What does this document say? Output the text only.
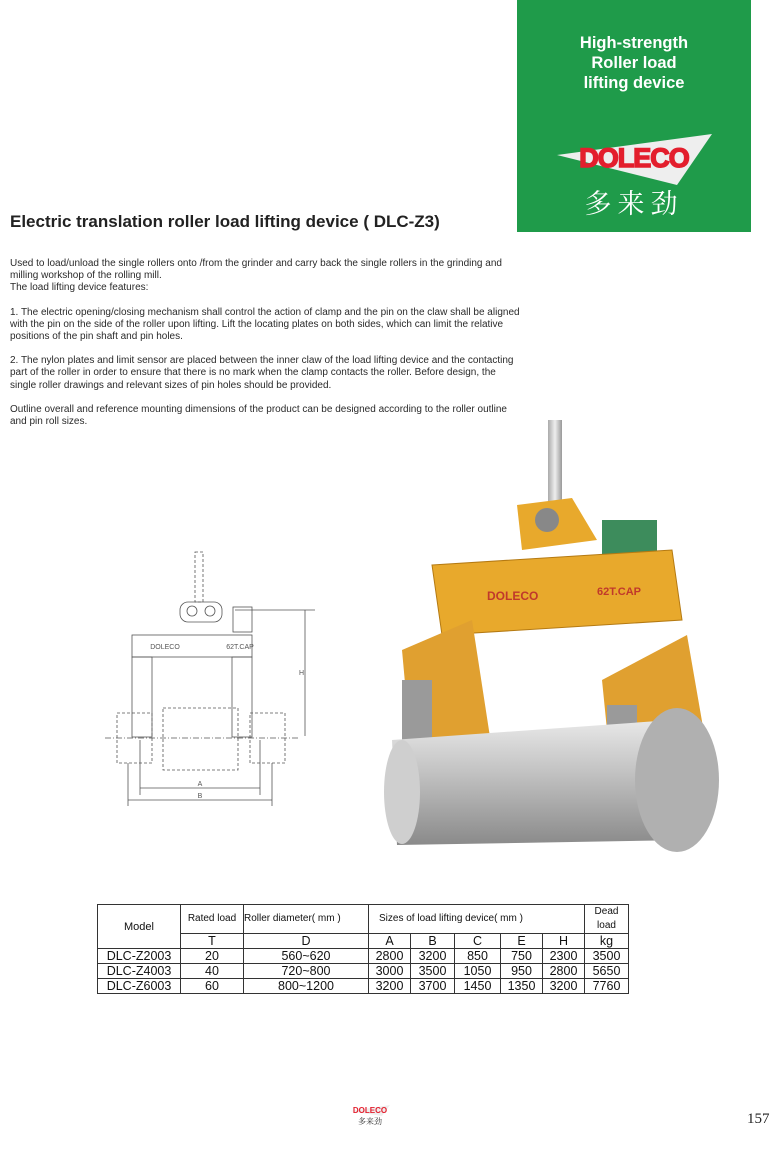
High-strength
Roller load
lifting device
DOLECO
多来劲
Electric translation roller load lifting device ( DLC-Z3)

Used to load/unload the single rollers onto /from the grinder and carry back the single rollers in the grinding and milling workshop of the rolling mill.

The load lifting device features:

1. The electric opening/closing mechanism shall control the action of clamp and the pin on the claw shall be aligned with the pin on the side of the roller upon lifting. Lift the locating plates on both sides, which can limit the relative positions of the pin shaft and pin holes.

2. The nylon plates and limit sensor are placed between the inner claw of the load lifting device and the contacting part of the roller in order to ensure that there is no mark when the clamp contacts the roller. Before design, the single roller drawings and relevant sizes of pin holes should be provided.

Outline overall and reference mounting dimensions of the product can be designed according to the roller outline and pin roll sizes.

DOLECO	62T.CAP
H
A
B
DOLECO	62T.CAP
Model	Rated load	Roller diameter( mm )	Sizes of load lifting device( mm )					Dead load
	T	D	A	B	C	E	H	kg
DLC-Z2003	20	560~620	2800	3200	850	750	2300	3500
DLC-Z4003	40	720~800	3000	3500	1050	950	2800	5650
DLC-Z6003	60	800~1200	3200	3700	1450	1350	3200	7760
DOLECO
多来劲	157
